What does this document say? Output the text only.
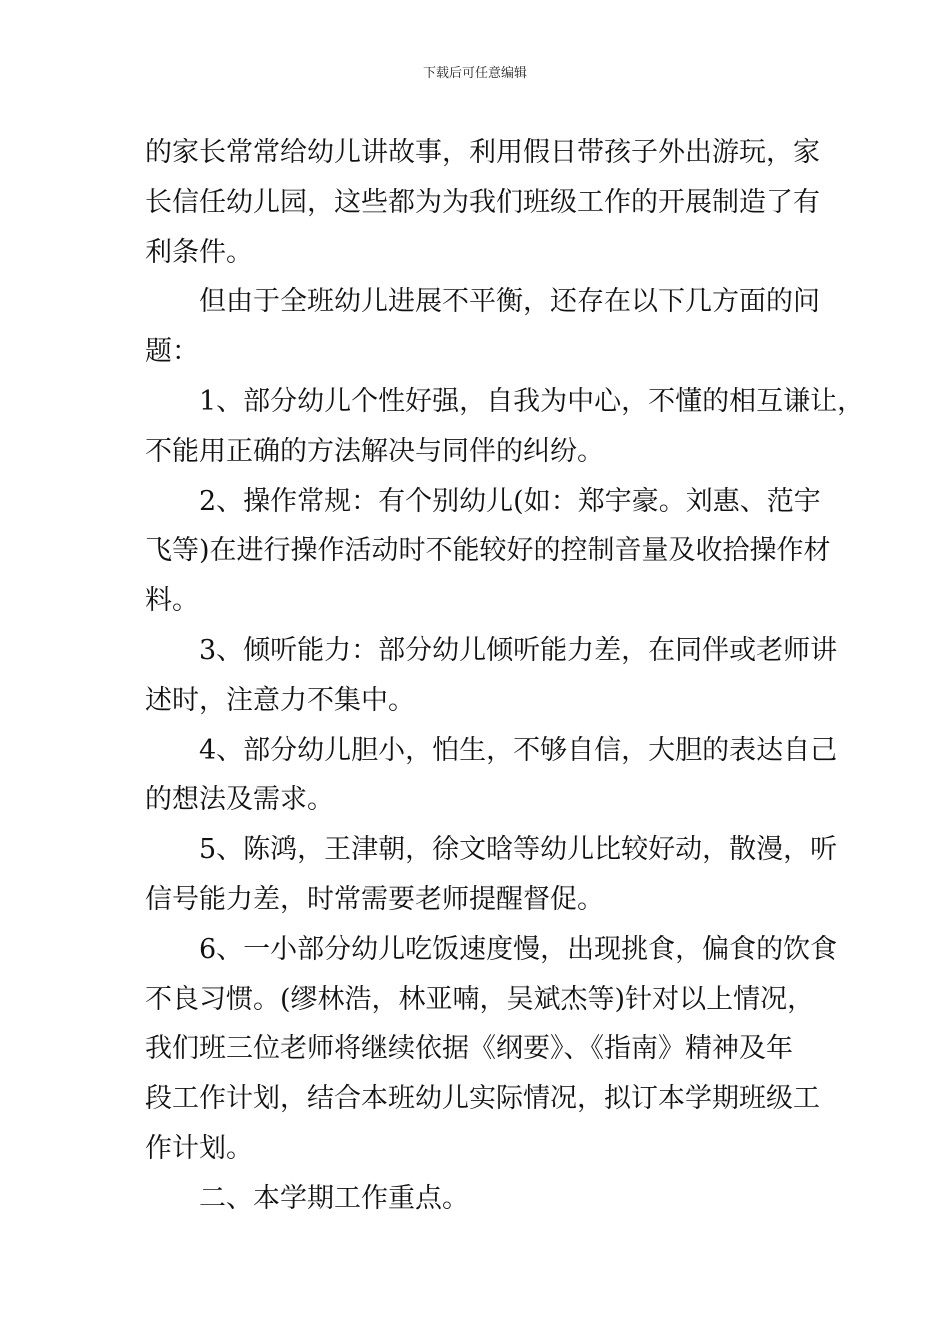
下载后可任意编辑
的家长常常给幼儿讲故事，利用假日带孩子外出游玩，家
长信任幼儿园，这些都为为我们班级工作的开展制造了有
利条件。
但由于全班幼儿进展不平衡，还存在以下几方面的问
题：
1、部分幼儿个性好强，自我为中心，不懂的相互谦让，
不能用正确的方法解决与同伴的纠纷。
2、操作常规：有个别幼儿(如：郑宇豪。刘惠、范宇
飞等)在进行操作活动时不能较好的控制音量及收拾操作材
料。
3、倾听能力：部分幼儿倾听能力差，在同伴或老师讲
述时，注意力不集中。
4、部分幼儿胆小，怕生，不够自信，大胆的表达自己
的想法及需求。
5、陈鸿，王津朝，徐文晗等幼儿比较好动，散漫，听
信号能力差，时常需要老师提醒督促。
6、一小部分幼儿吃饭速度慢，出现挑食，偏食的饮食
不良习惯。(缪林浩，林亚喃，吴斌杰等)针对以上情况，
我们班三位老师将继续依据《纲要》、《指南》精神及年
段工作计划，结合本班幼儿实际情况，拟订本学期班级工
作计划。
二、本学期工作重点。
